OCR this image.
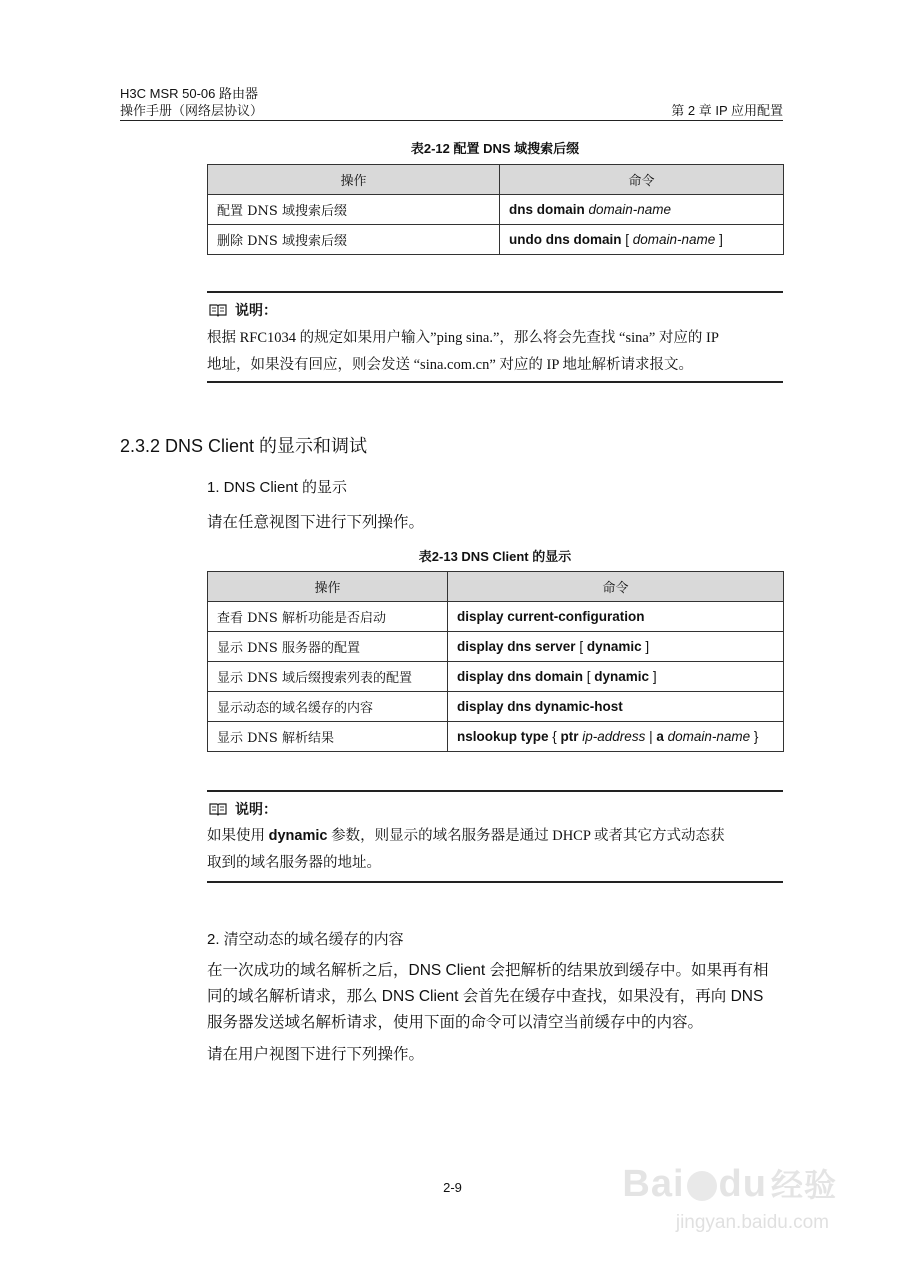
H3C MSR 50-06 路由器
操作手册（网络层协议）	第 2 章 IP 应用配置
表2-12 配置 DNS 域搜索后缀
操作	命令
配置 DNS 域搜索后缀	dns domain domain-name
删除 DNS 域搜索后缀	undo dns domain [ domain-name ]
说明：
根据 RFC1034 的规定如果用户输入”ping sina.”，那么将会先查找 “sina” 对应的 IP
地址，如果没有回应，则会发送 “sina.com.cn” 对应的 IP 地址解析请求报文。
2.3.2 DNS Client 的显示和调试
1. DNS Client 的显示
请在任意视图下进行下列操作。
表2-13 DNS Client 的显示
操作	命令
查看 DNS 解析功能是否启动	display current-configuration
显示 DNS 服务器的配置	display dns server [ dynamic ]
显示 DNS 域后缀搜索列表的配置	display dns domain [ dynamic ]
显示动态的域名缓存的内容	display dns dynamic-host
显示 DNS 解析结果	nslookup type { ptr ip-address | a domain-name }
说明：
如果使用 dynamic 参数，则显示的域名服务器是通过 DHCP 或者其它方式动态获
取到的域名服务器的地址。
2. 清空动态的域名缓存的内容
在一次成功的域名解析之后，DNS Client 会把解析的结果放到缓存中。如果再有相
同的域名解析请求，那么 DNS Client 会首先在缓存中查找，如果没有，再向 DNS
服务器发送域名解析请求，使用下面的命令可以清空当前缓存中的内容。
请在用户视图下进行下列操作。
2-9	Bai du 经验
jingyan.baidu.com
